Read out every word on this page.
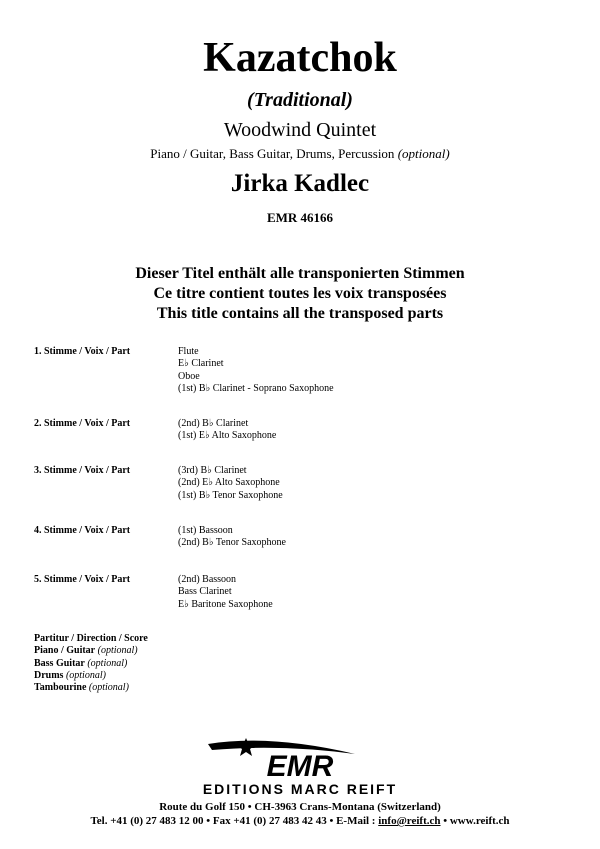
Kazatchok
(Traditional)
Woodwind Quintet
Piano / Guitar, Bass Guitar, Drums, Percussion (optional)
Jirka Kadlec
EMR 46166
Dieser Titel enthält alle transponierten Stimmen
Ce titre contient toutes les voix transposées
This title contains all the transposed parts
1. Stimme / Voix / Part	Flute
E♭ Clarinet
Oboe
(1st) B♭ Clarinet - Soprano Saxophone
2. Stimme / Voix / Part	(2nd) B♭ Clarinet
(1st) E♭ Alto Saxophone
3. Stimme / Voix / Part	(3rd) B♭ Clarinet
(2nd) E♭ Alto Saxophone
(1st) B♭ Tenor Saxophone
4. Stimme / Voix / Part	(1st) Bassoon
(2nd) B♭ Tenor Saxophone
5. Stimme / Voix / Part	(2nd) Bassoon
Bass Clarinet
E♭ Baritone Saxophone
Partitur / Direction / Score
Piano / Guitar (optional)
Bass Guitar (optional)
Drums (optional)
Tambourine (optional)
EMR
EDITIONS MARC REIFT
Route du Golf 150 • CH-3963 Crans-Montana (Switzerland)
Tel. +41 (0) 27 483 12 00 • Fax +41 (0) 27 483 42 43 • E-Mail : info@reift.ch • www.reift.ch
